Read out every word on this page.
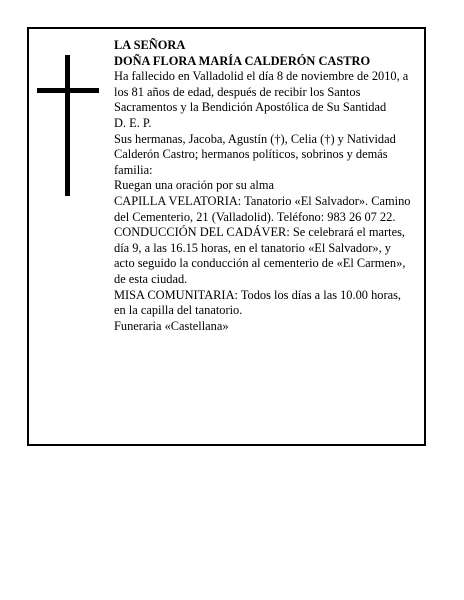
LA SEÑORA

DOÑA FLORA MARÍA CALDERÓN CASTRO

Ha fallecido en Valladolid el día 8 de noviembre de 2010, a los 81 años de edad, después de recibir los Santos Sacramentos y la Bendición Apostólica de Su Santidad

D. E. P.

Sus hermanas, Jacoba, Agustín (†), Celia (†) y Natividad Calderón Castro; hermanos políticos, sobrinos y demás familia:

Ruegan una oración por su alma

CAPILLA VELATORIA: Tanatorio «El Salvador». Camino del Cementerio, 21 (Valladolid). Teléfono: 983 26 07 22.

CONDUCCIÓN DEL CADÁVER: Se celebrará el martes, día 9, a las 16.15 horas, en el tanatorio «El Salvador», y acto seguido la conducción al cementerio de «El Carmen», de esta ciudad.

MISA COMUNITARIA: Todos los días a las 10.00 horas, en la capilla del tanatorio.

Funeraria «Castellana»
